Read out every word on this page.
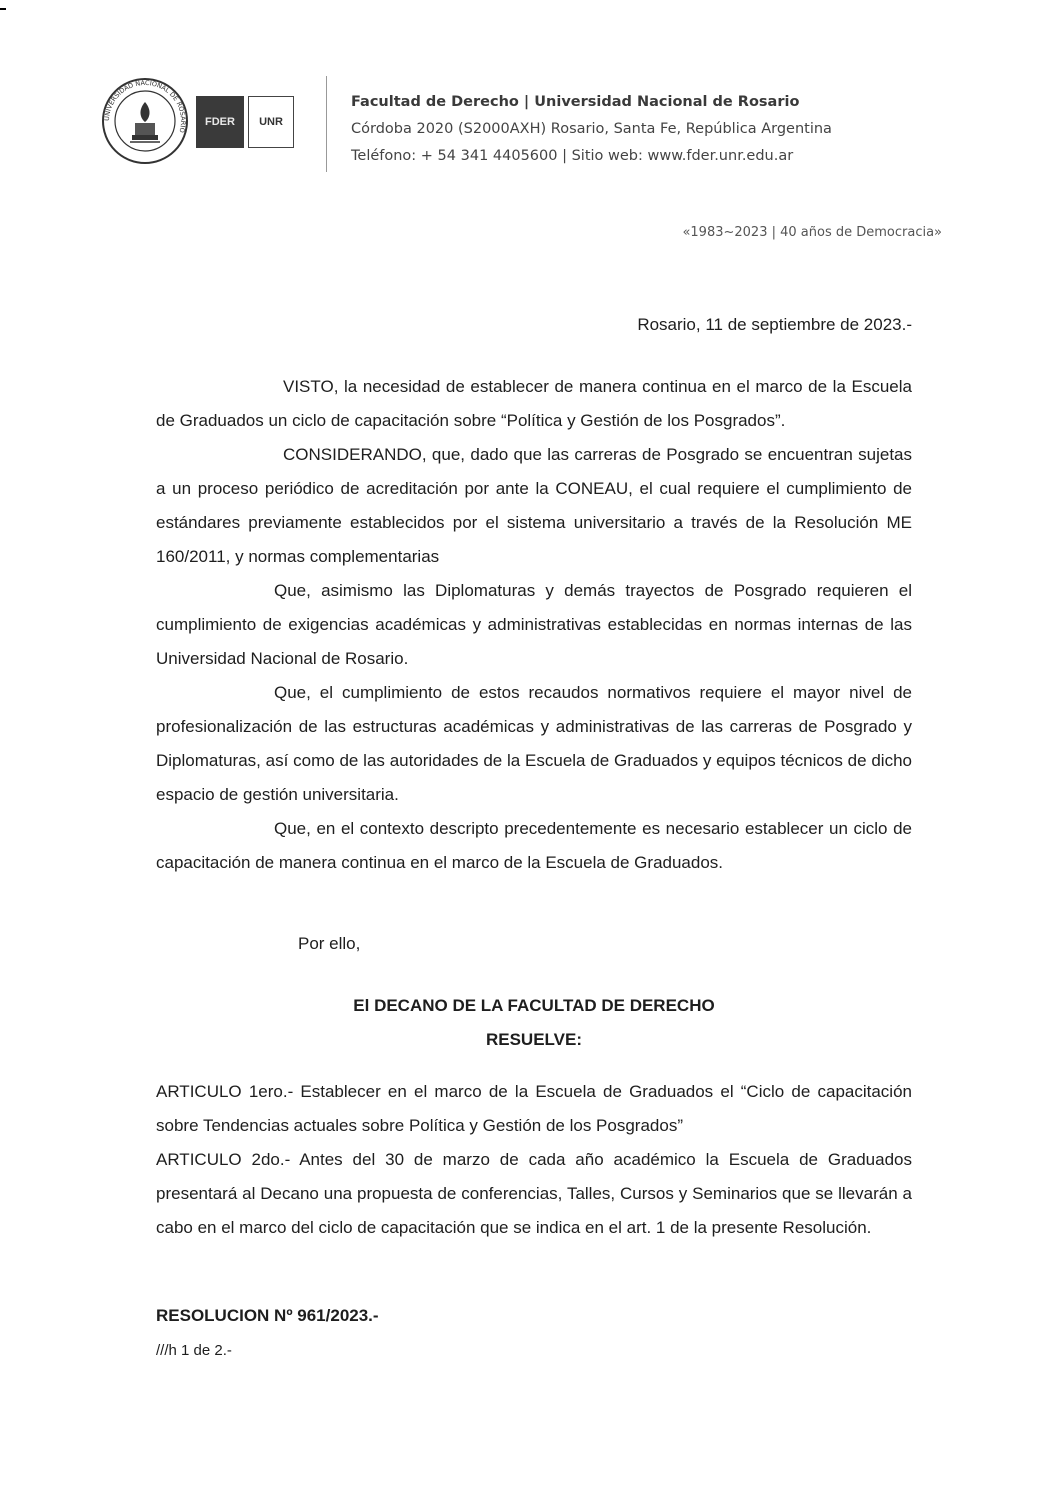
UNIVERSIDAD NACIONAL DE ROSARIO
FDER	UNR
Facultad de Derecho | Universidad Nacional de Rosario
Córdoba 2020 (S2000AXH) Rosario, Santa Fe, República Argentina
Teléfono: + 54 341 4405600 | Sitio web: www.fder.unr.edu.ar
«1983~2023 | 40 años de Democracia»
Rosario, 11 de septiembre de 2023.-

VISTO, la necesidad de establecer de manera continua en el marco de la Escuela de Graduados un ciclo de capacitación sobre “Política y Gestión de los Posgrados”.

CONSIDERANDO, que, dado que las carreras de Posgrado se encuentran sujetas a un proceso periódico de acreditación por ante la CONEAU, el cual requiere el cumplimiento de estándares previamente establecidos por el sistema universitario a través de la Resolución ME 160/2011, y normas complementarias

Que, asimismo las Diplomaturas y demás trayectos de Posgrado requieren el cumplimiento de exigencias académicas y administrativas establecidas en normas internas de las Universidad Nacional de Rosario.

Que, el cumplimiento de estos recaudos normativos requiere el mayor nivel de profesionalización de las estructuras académicas y administrativas de las carreras de Posgrado y Diplomaturas, así como de las autoridades de la Escuela de Graduados y equipos técnicos de dicho espacio de gestión universitaria.

Que, en el contexto descripto precedentemente es necesario establecer un ciclo de capacitación de manera continua en el marco de la Escuela de Graduados.

Por ello,
El DECANO DE LA FACULTAD DE DERECHO
RESUELVE:

ARTICULO 1ero.- Establecer en el marco de la Escuela de Graduados el “Ciclo de capacitación sobre Tendencias actuales sobre Política y Gestión de los Posgrados”

ARTICULO 2do.- Antes del 30 de marzo de cada año académico la Escuela de Graduados presentará al Decano una propuesta de conferencias, Talles, Cursos y Seminarios que se llevarán a cabo en el marco del ciclo de capacitación que se indica en el art. 1 de la presente Resolución.

RESOLUCION Nº 961/2023.-
///h 1 de 2.-
